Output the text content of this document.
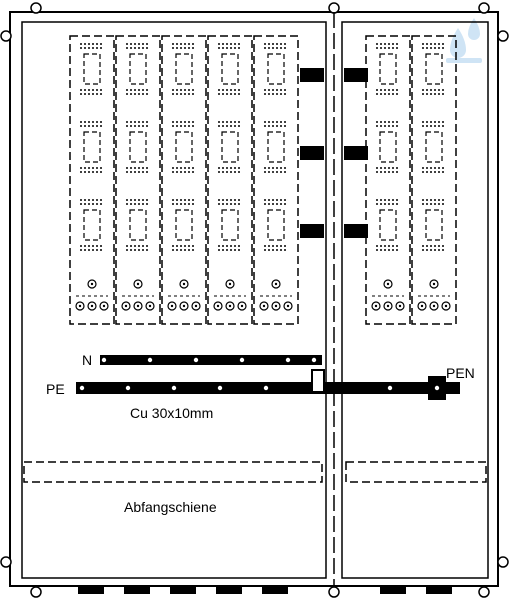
N
PE
PEN
Cu 30x10mm
Abfangschiene
